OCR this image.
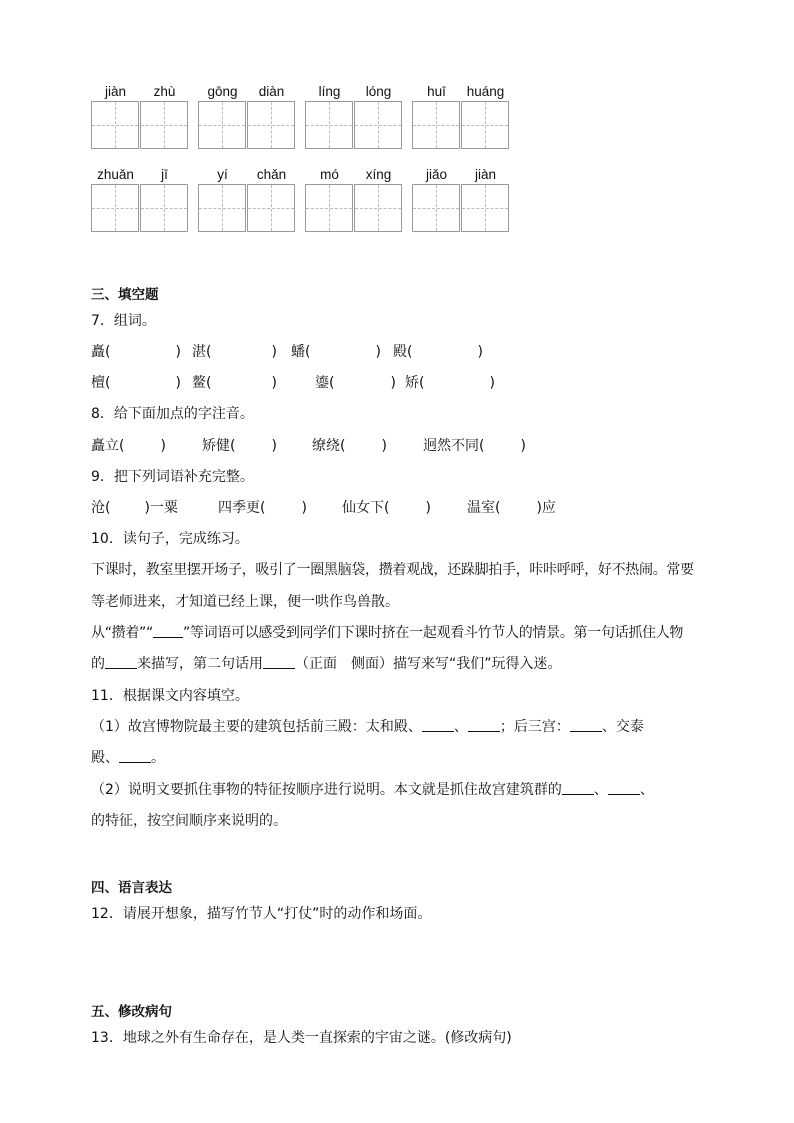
jiàn	zhù	gōng	diàn	líng	lóng	huī	huáng
zhuǎn	jī	yí	chǎn	mó	xíng	jiǎo	jiàn
三、填空题
7．组词。
矗(	) 湛(	) 蟠(	) 殿(	)
檀(	) 鳌(	)	鎏(	) 矫(	)
8．给下面加点的字注音。
矗立(	)	矫健(	)	缭绕(	)	迥然不同(	)
9．把下列词语补充完整。
沧( )一粟	四季更(	)	仙女下(	)	温室(	)应
10．读句子，完成练习。
下课时，教室里摆开场子，吸引了一圈黑脑袋，攒着观战，还跺脚拍手，咔咔呼呼，好不热闹。常要
等老师进来，才知道已经上课，便一哄作鸟兽散。
从“攒着”“ ”等词语可以感受到同学们下课时挤在一起观看斗竹节人的情景。第一句话抓住人物
的 来描写，第二句话用 （正面　侧面）描写来写“我们”玩得入迷。
11．根据课文内容填空。
（1）故宫博物院最主要的建筑包括前三殿：太和殿、 、 ；后三宫： 、交泰
殿、 。
（2）说明文要抓住事物的特征按顺序进行说明。本文就是抓住故宫建筑群的 、 、
的特征，按空间顺序来说明的。
四、语言表达
12．请展开想象，描写竹节人“打仗”时的动作和场面。
五、修改病句
13．地球之外有生命存在，是人类一直探索的宇宙之谜。(修改病句)
